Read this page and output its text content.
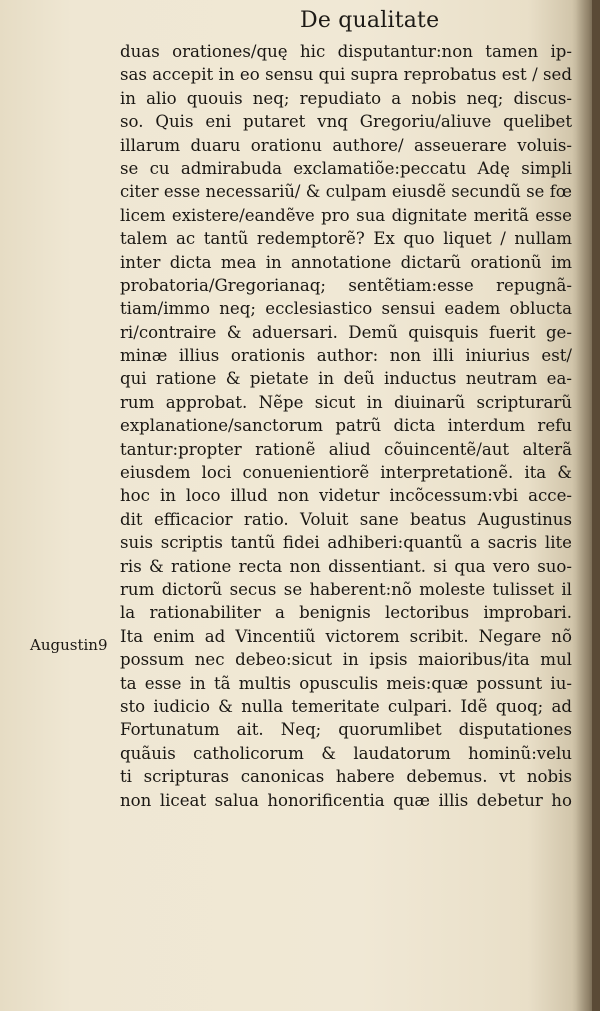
De qualitate
Augustin9
duas orationes/quę hic disputantur:non tamen ip-
sas accepit in eo sensu qui supra reprobatus est / sed
in alio quouis neq; repudiato a nobis neq; discus-
so. Quis eni putaret vnq Gregoriu/aliuve quelibet
illarum duaru orationu authore/ asseuerare voluis-
se cu admirabuda exclamatiõe:peccatu Adę simpli
citer esse necessariũ/ & culpam eiusdẽ secundũ se fœ
licem existere/eandẽve pro sua dignitate meritã esse
talem ac tantũ redemptorẽ? Ex quo liquet / nullam
inter dicta mea in annotatione dictarũ orationũ im
probatoria/Gregorianaq; sentẽtiam:esse repugnã-
tiam/immo neq; ecclesiastico sensui eadem oblucta
ri/contraire & aduersari. Demũ quisquis fuerit ge-
minæ illius orationis author: non illi iniurius est/
qui ratione & pietate in deũ inductus neutram ea-
rum approbat. Nẽpe sicut in diuinarũ scripturarũ
explanatione/sanctorum patrũ dicta interdum refu
tantur:propter rationẽ aliud cõuincentẽ/aut alterã
eiusdem loci conuenientiorẽ interpretationẽ. ita &
hoc in loco illud non videtur incõcessum:vbi acce-
dit efficacior ratio. Voluit sane beatus Augustinus
suis scriptis tantũ fidei adhiberi:quantũ a sacris lite
ris & ratione recta non dissentiant. si qua vero suo-
rum dictorũ secus se haberent:nõ moleste tulisset il
la rationabiliter a benignis lectoribus improbari.
Ita enim ad Vincentiũ victorem scribit. Negare nõ
possum nec debeo:sicut in ipsis maioribus/ita mul
ta esse in tã multis opusculis meis:quæ possunt iu-
sto iudicio & nulla temeritate culpari. Idẽ quoq; ad
Fortunatum ait. Neq; quorumlibet disputationes
quãuis catholicorum & laudatorum hominũ:velu
ti scripturas canonicas habere debemus. vt nobis
non liceat salua honorificentia quæ illis debetur ho
